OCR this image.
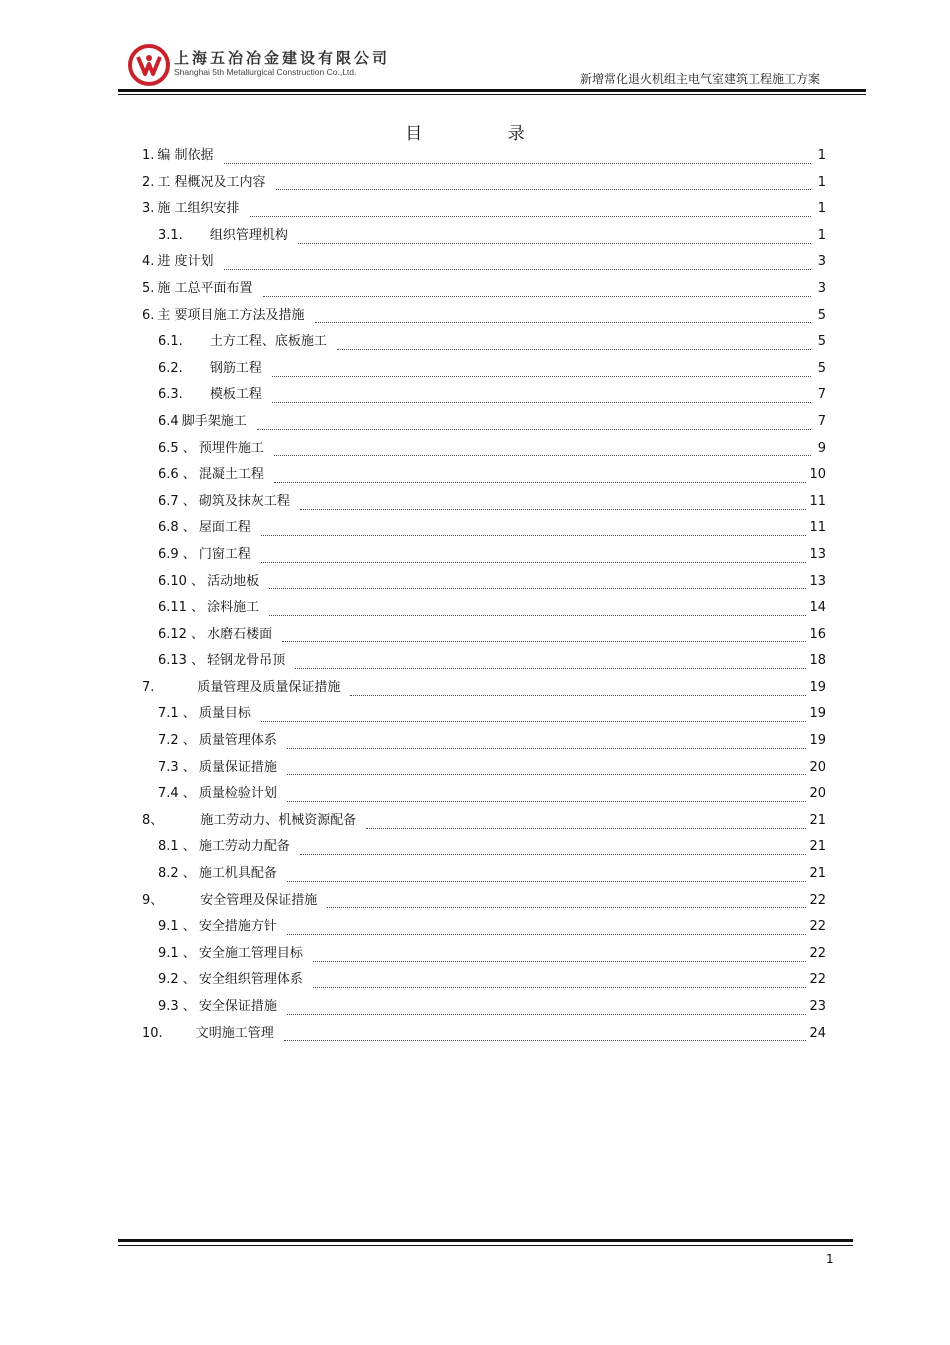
上海五冶冶金建设有限公司
Shanghai 5th Metallurgical Construction Co.,Ltd.	新增常化退火机组主电气室建筑工程施工方案
目 录
1. 编 制依据	1
2. 工 程概况及工内容	1
3. 施 工组织安排	1
3.1. 组织管理机构	1
4. 进 度计划	3
5. 施 工总平面布置	3
6. 主 要项目施工方法及措施	5
6.1. 土方工程、底板施工	5
6.2. 钢筋工程	5
6.3. 模板工程	7
6.4 脚手架施工	7
6.5 、 预埋件施工	9
6.6 、 混凝土工程	10
6.7 、 砌筑及抹灰工程	11
6.8 、 屋面工程	11
6.9 、 门窗工程	13
6.10 、 活动地板	13
6.11 、 涂料施工	14
6.12 、 水磨石楼面	16
6.13 、 轻钢龙骨吊顶	18
7.	质量管理及质量保证措施	19
7.1 、 质量目标	19
7.2 、 质量管理体系	19
7.3 、 质量保证措施	20
7.4 、 质量检验计划	20
8、	施工劳动力、机械资源配备	21
8.1 、 施工劳动力配备	21
8.2 、 施工机具配备	21
9、	安全管理及保证措施	22
9.1 、 安全措施方针	22
9.1 、 安全施工管理目标	22
9.2 、 安全组织管理体系	22
9.3 、 安全保证措施	23
10.	文明施工管理	24
1
